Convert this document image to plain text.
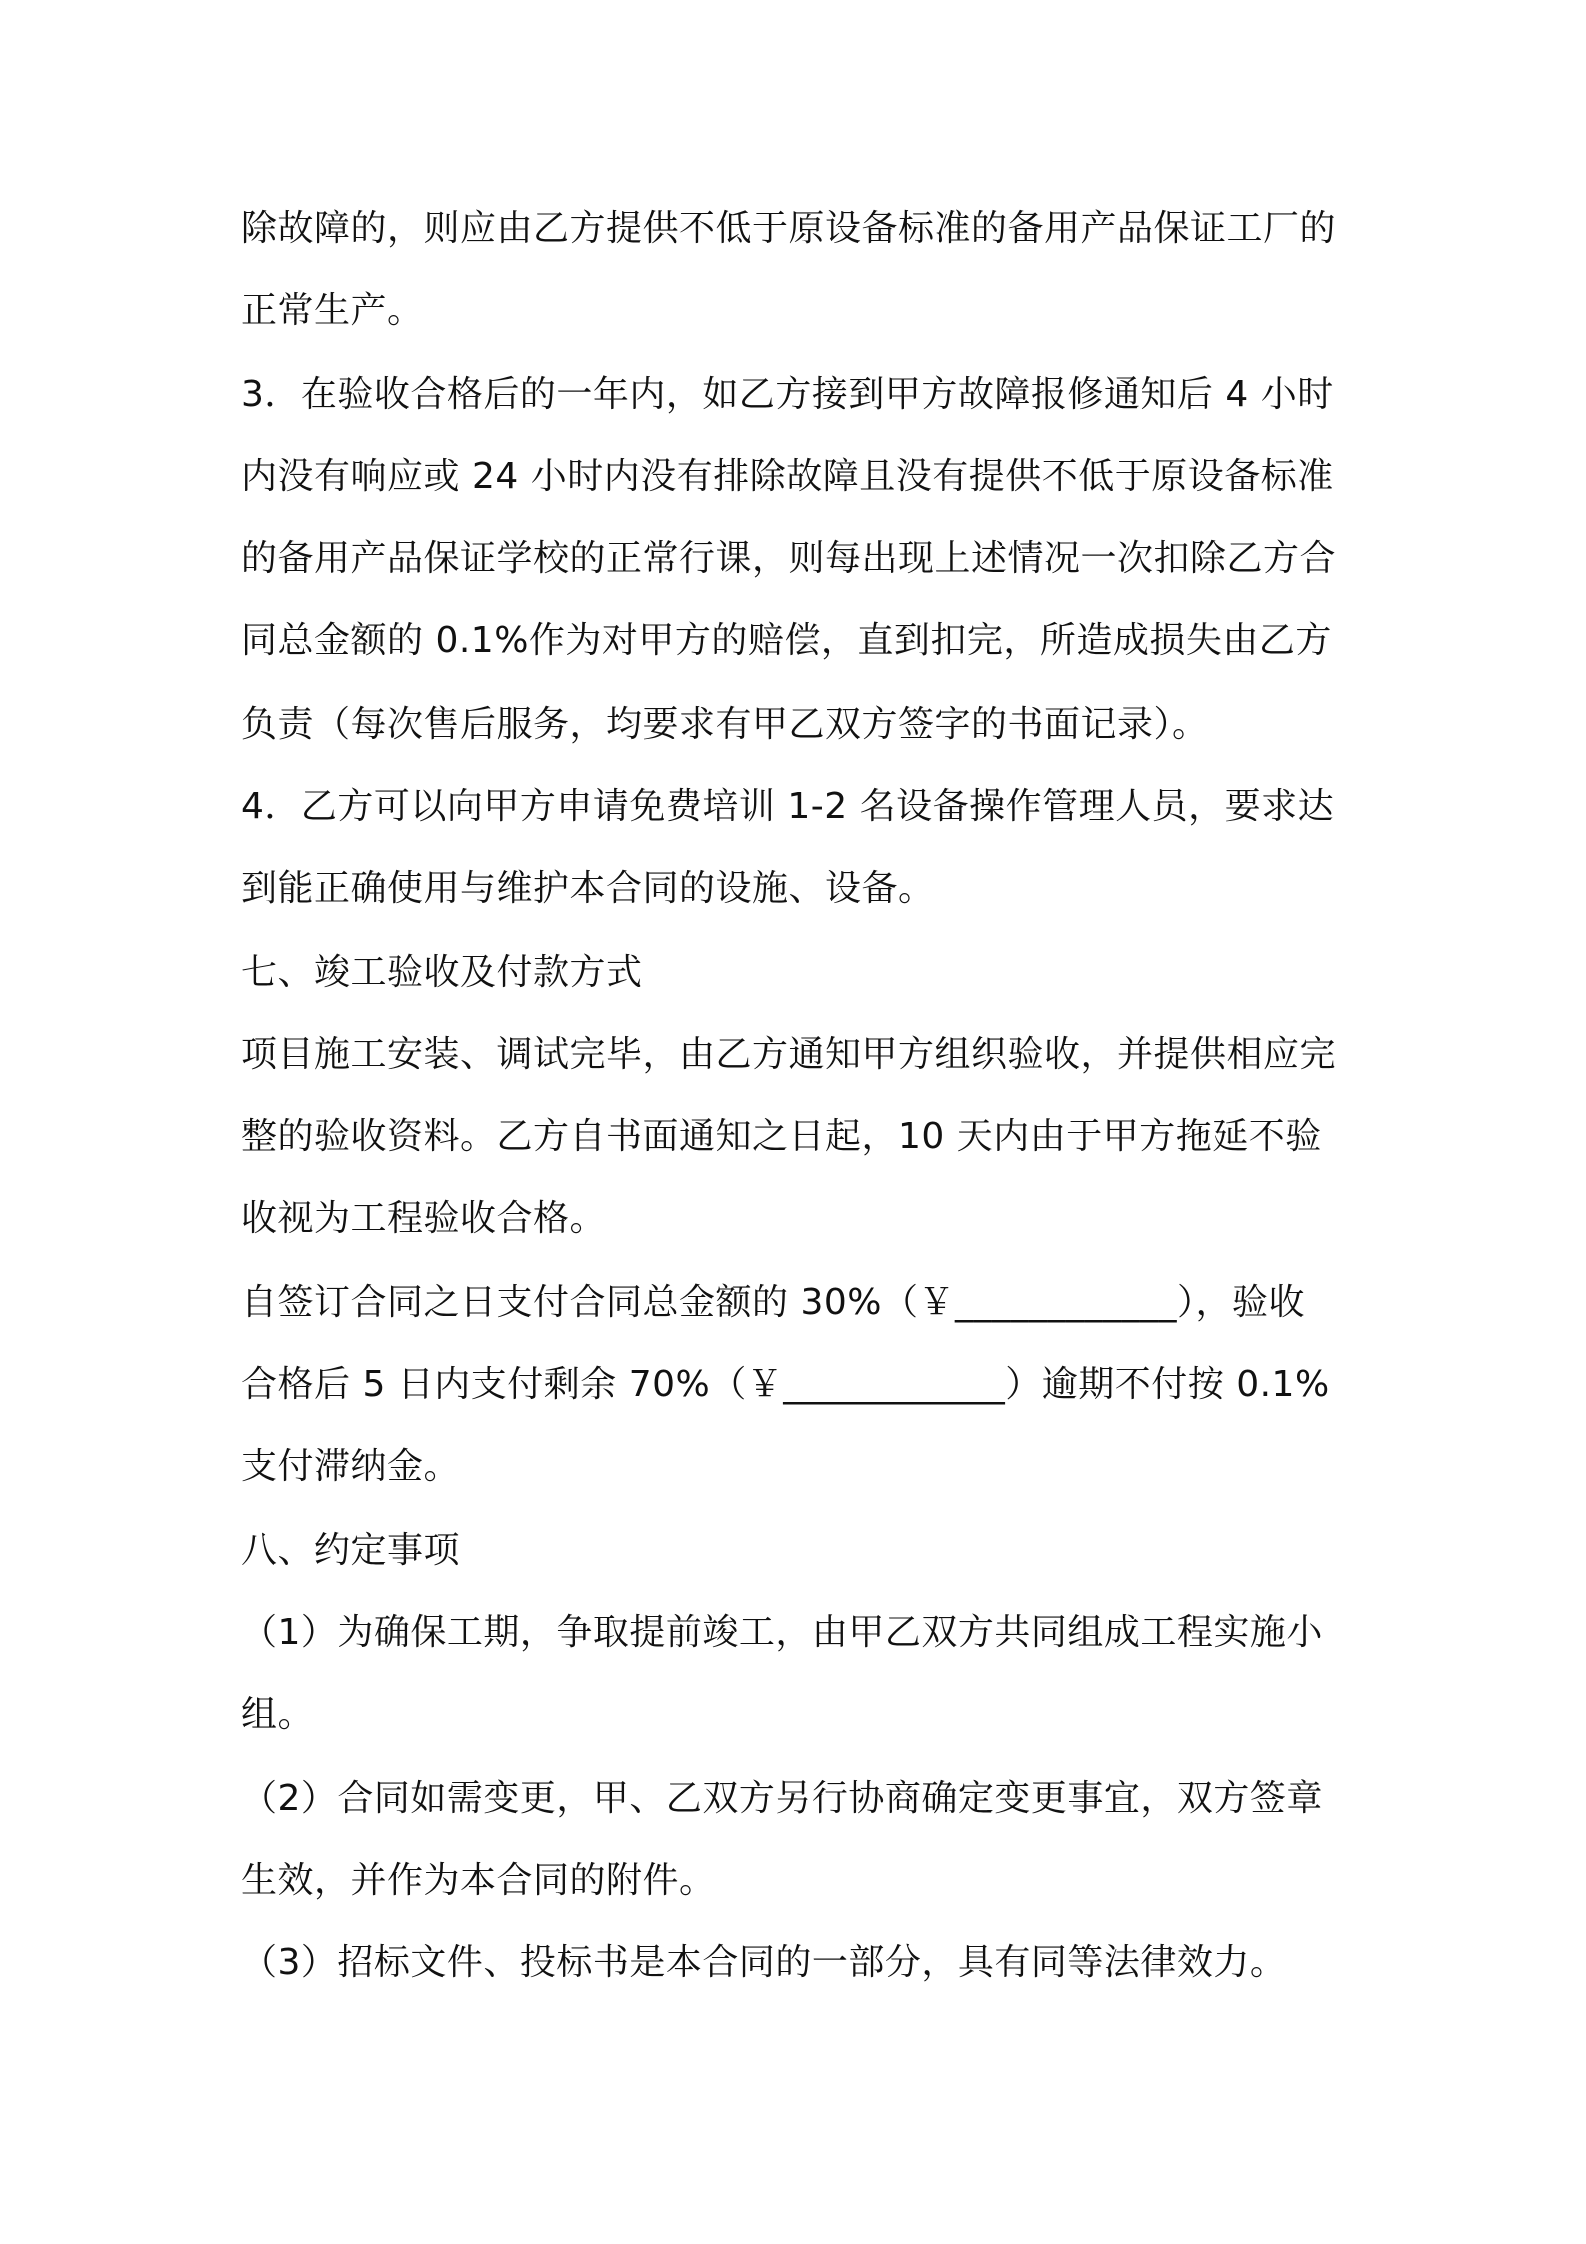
除故障的，则应由乙方提供不低于原设备标准的备用产品保证工厂的
正常生产。
3．在验收合格后的一年内，如乙方接到甲方故障报修通知后 4 小时
内没有响应或 24 小时内没有排除故障且没有提供不低于原设备标准
的备用产品保证学校的正常行课，则每出现上述情况一次扣除乙方合
同总金额的 0.1%作为对甲方的赔偿，直到扣完，所造成损失由乙方
负责（每次售后服务，均要求有甲乙双方签字的书面记录）。
4．乙方可以向甲方申请免费培训 1-2 名设备操作管理人员，要求达
到能正确使用与维护本合同的设施、设备。
七、竣工验收及付款方式
项目施工安装、调试完毕，由乙方通知甲方组织验收，并提供相应完
整的验收资料。乙方自书面通知之日起，10 天内由于甲方拖延不验
收视为工程验收合格。
自签订合同之日支付合同总金额的 30%（￥____________），验收
合格后 5 日内支付剩余 70%（￥____________）逾期不付按 0.1%
支付滞纳金。
八、约定事项
（1）为确保工期，争取提前竣工，由甲乙双方共同组成工程实施小
组。
（2）合同如需变更，甲、乙双方另行协商确定变更事宜，双方签章
生效，并作为本合同的附件。
（3）招标文件、投标书是本合同的一部分，具有同等法律效力。
